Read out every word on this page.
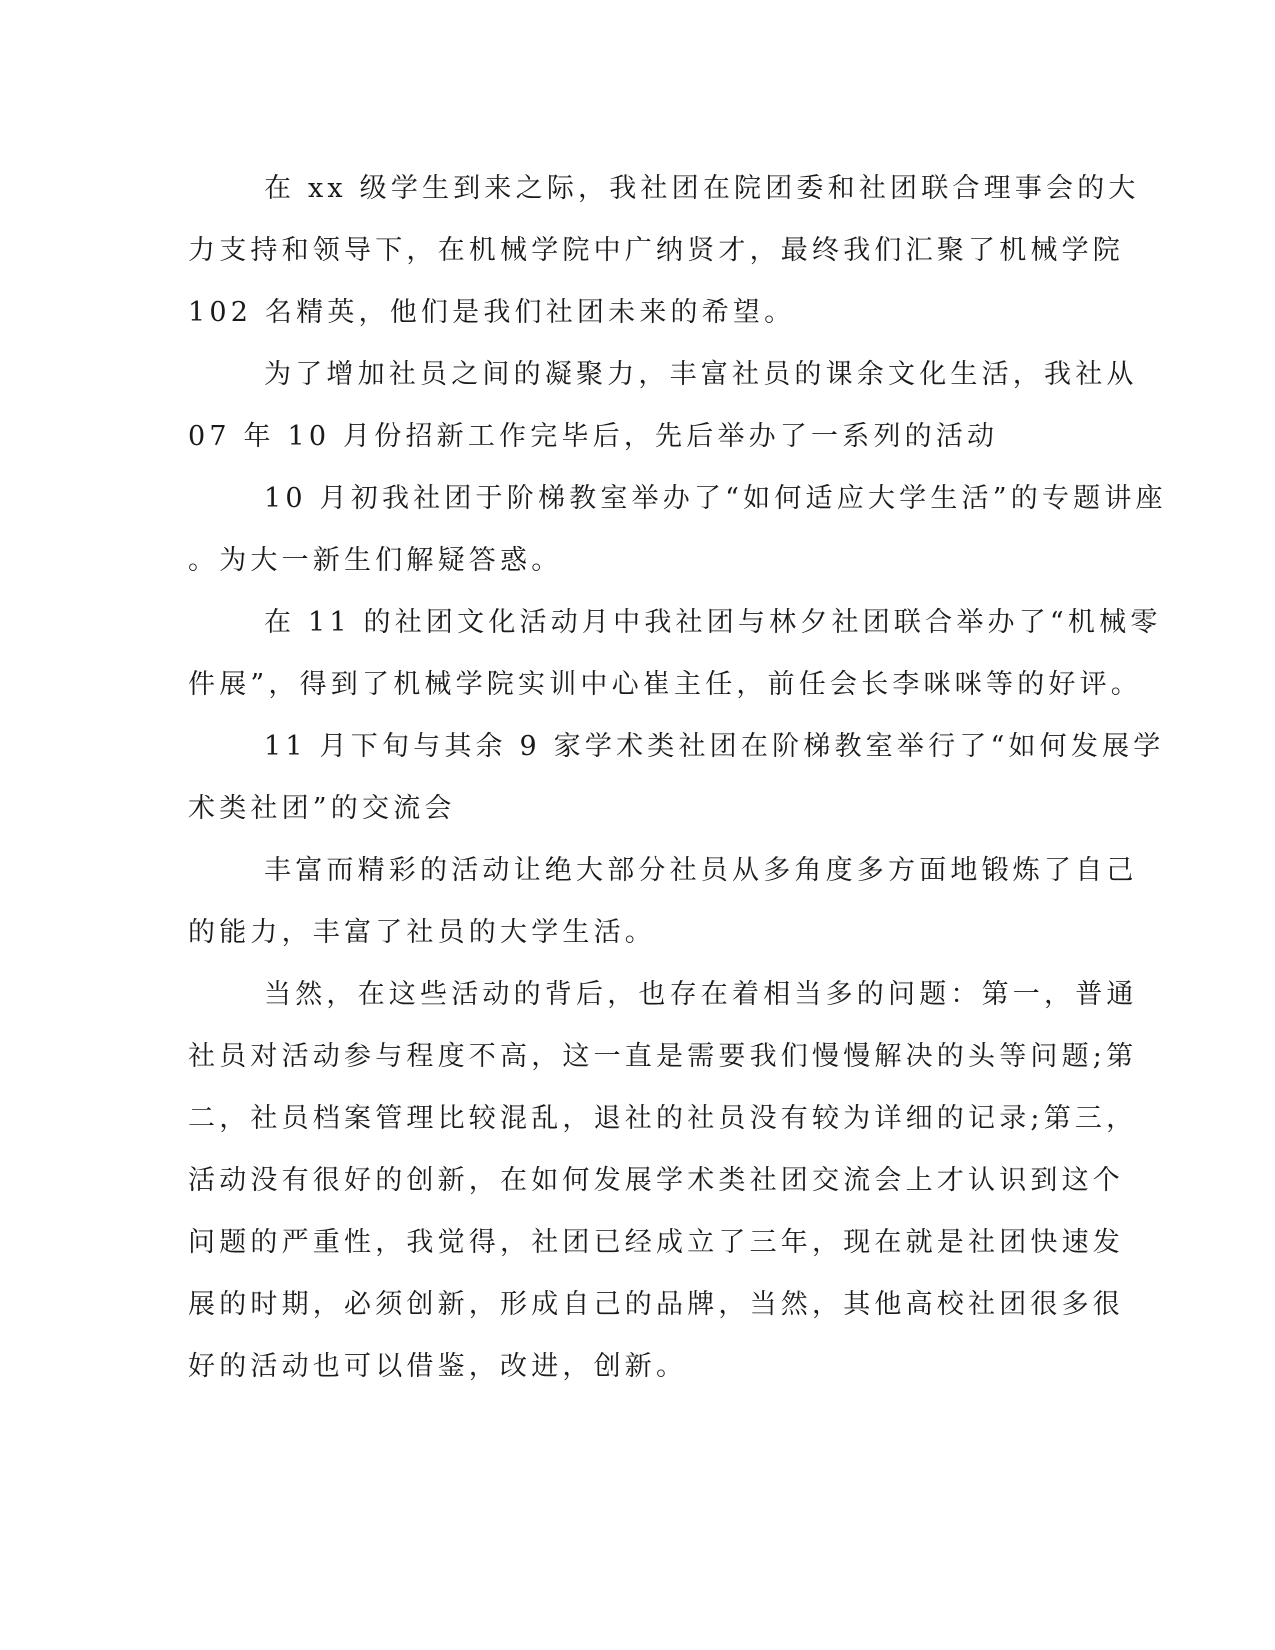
在 xx 级学生到来之际，我社团在院团委和社团联合理事会的大
力支持和领导下，在机械学院中广纳贤才，最终我们汇聚了机械学院
102 名精英，他们是我们社团未来的希望。
为了增加社员之间的凝聚力，丰富社员的课余文化生活，我社从
07 年 10 月份招新工作完毕后，先后举办了一系列的活动
10 月初我社团于阶梯教室举办了“如何适应大学生活”的专题讲座
。为大一新生们解疑答惑。
在 11 的社团文化活动月中我社团与林夕社团联合举办了“机械零
件展”，得到了机械学院实训中心崔主任，前任会长李咪咪等的好评。
11 月下旬与其余 9 家学术类社团在阶梯教室举行了“如何发展学
术类社团”的交流会
丰富而精彩的活动让绝大部分社员从多角度多方面地锻炼了自己
的能力，丰富了社员的大学生活。
当然，在这些活动的背后，也存在着相当多的问题：第一，普通
社员对活动参与程度不高，这一直是需要我们慢慢解决的头等问题;第
二，社员档案管理比较混乱，退社的社员没有较为详细的记录;第三，
活动没有很好的创新，在如何发展学术类社团交流会上才认识到这个
问题的严重性，我觉得，社团已经成立了三年，现在就是社团快速发
展的时期，必须创新，形成自己的品牌，当然，其他高校社团很多很
好的活动也可以借鉴，改进，创新。
